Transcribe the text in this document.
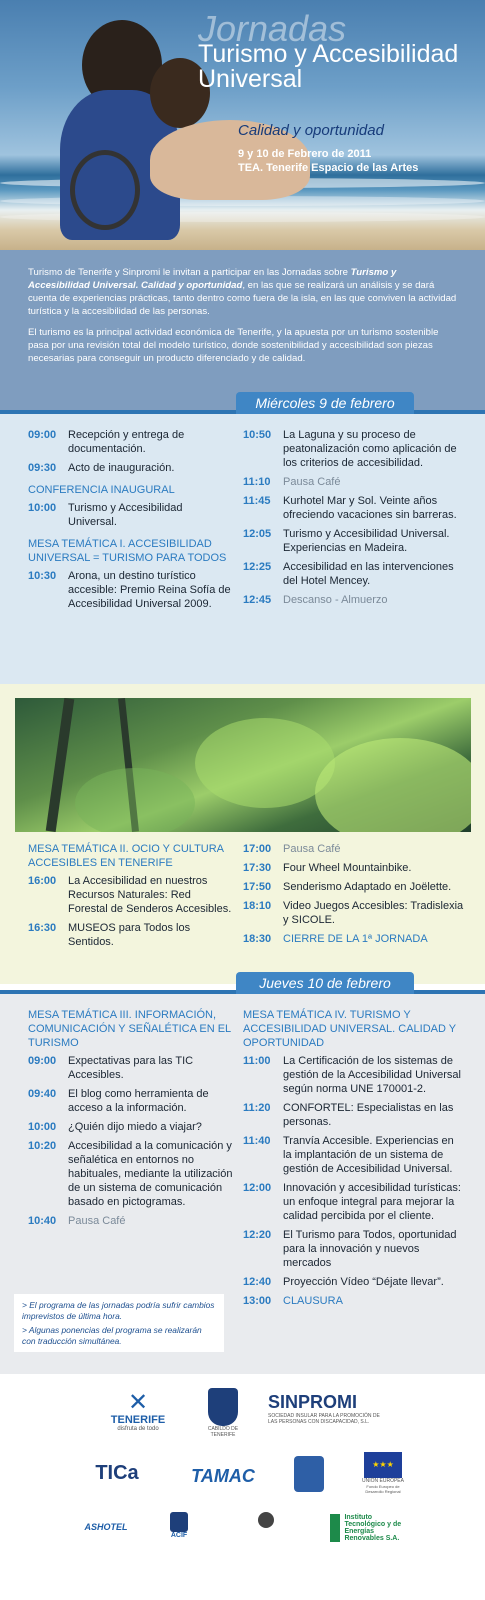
Jornadas
Turismo y Accesibilidad Universal
Calidad y oportunidad
9 y 10 de Febrero de 2011
TEA. Tenerife Espacio de las Artes

Turismo de Tenerife y Sinpromi le invitan a participar en las Jornadas sobre Turismo y Accesibilidad Universal. Calidad y oportunidad, en las que se realizará un análisis y se dará cuenta de experiencias prácticas, tanto dentro como fuera de la isla, en las que conviven la actividad turística y la accesibilidad de las personas.

El turismo es la principal actividad económica de Tenerife, y la apuesta por un turismo sostenible pasa por una revisión total del modelo turístico, donde sostenibilidad y accesibilidad son piezas necesarias para conseguir un producto diferenciado y de calidad.

Miércoles 9 de febrero
09:00	Recepción y entrega de documentación.
09:30	Acto de inauguración.
CONFERENCIA INAUGURAL
10:00	Turismo y Accesibilidad Universal.
MESA TEMÁTICA I. ACCESIBILIDAD UNIVERSAL = TURISMO PARA TODOS
10:30	Arona, un destino turístico accesible: Premio Reina Sofía de Accesibilidad Universal 2009.
10:50	La Laguna y su proceso de peatonalización como aplicación de los criterios de accesibilidad.
11:10	Pausa Café
11:45	Kurhotel Mar y Sol. Veinte años ofreciendo vacaciones sin barreras.
12:05	Turismo y Accesibilidad Universal. Experiencias en Madeira.
12:25	Accesibilidad en las intervenciones del Hotel Mencey.
12:45	Descanso - Almuerzo
MESA TEMÁTICA II. OCIO Y CULTURA ACCESIBLES EN TENERIFE
16:00	La Accesibilidad en nuestros Recursos Naturales: Red Forestal de Senderos Accesibles.
16:30	MUSEOS para Todos los Sentidos.
17:00	Pausa Café
17:30	Four Wheel Mountainbike.
17:50	Senderismo Adaptado en Joëlette.
18:10	Video Juegos Accesibles: Tradislexia y SICOLE.
18:30	CIERRE DE LA 1ª JORNADA
Jueves 10 de febrero
MESA TEMÁTICA III. INFORMACIÓN, COMUNICACIÓN Y SEÑALÉTICA EN EL TURISMO
09:00	Expectativas para las TIC Accesibles.
09:40	El blog como herramienta de acceso a la información.
10:00	¿Quién dijo miedo a viajar?
10:20	Accesibilidad a la comunicación y señalética en entornos no habituales, mediante la utilización de un sistema de comunicación basado en pictogramas.
10:40	Pausa Café
MESA TEMÁTICA IV. TURISMO Y ACCESIBILIDAD UNIVERSAL. CALIDAD Y OPORTUNIDAD
11:00	La Certificación de los sistemas de gestión de la Accesibilidad Universal según norma UNE 170001-2.
11:20	CONFORTEL: Especialistas en las personas.
11:40	Tranvía Accesible. Experiencias en la implantación de un sistema de gestión de Accesibilidad Universal.
12:00	Innovación y accesibilidad turísticas: un enfoque integral para mejorar la calidad percibida por el cliente.
12:20	El Turismo para Todos, oportunidad para la innovación y nuevos mercados
12:40	Proyección Vídeo “Déjate llevar”.
13:00	CLAUSURA

> El programa de las jornadas podría sufrir cambios imprevistos de última hora.

> Algunas ponencias del programa se realizarán con traducción simultánea.

✕
TENERIFE
disfruta de todo	CABILDO DE TENERIFE
SINPROMI
SOCIEDAD INSULAR PARA LA PROMOCIÓN DE LAS PERSONAS CON DISCAPACIDAD, S.L.
TICa	TAMAC
★★★
UNIÓN EUROPEA
Fondo Europeo de Desarrollo Regional
ASHOTEL
ACIF
Instituto Tecnológico y de Energías Renovables S.A.
